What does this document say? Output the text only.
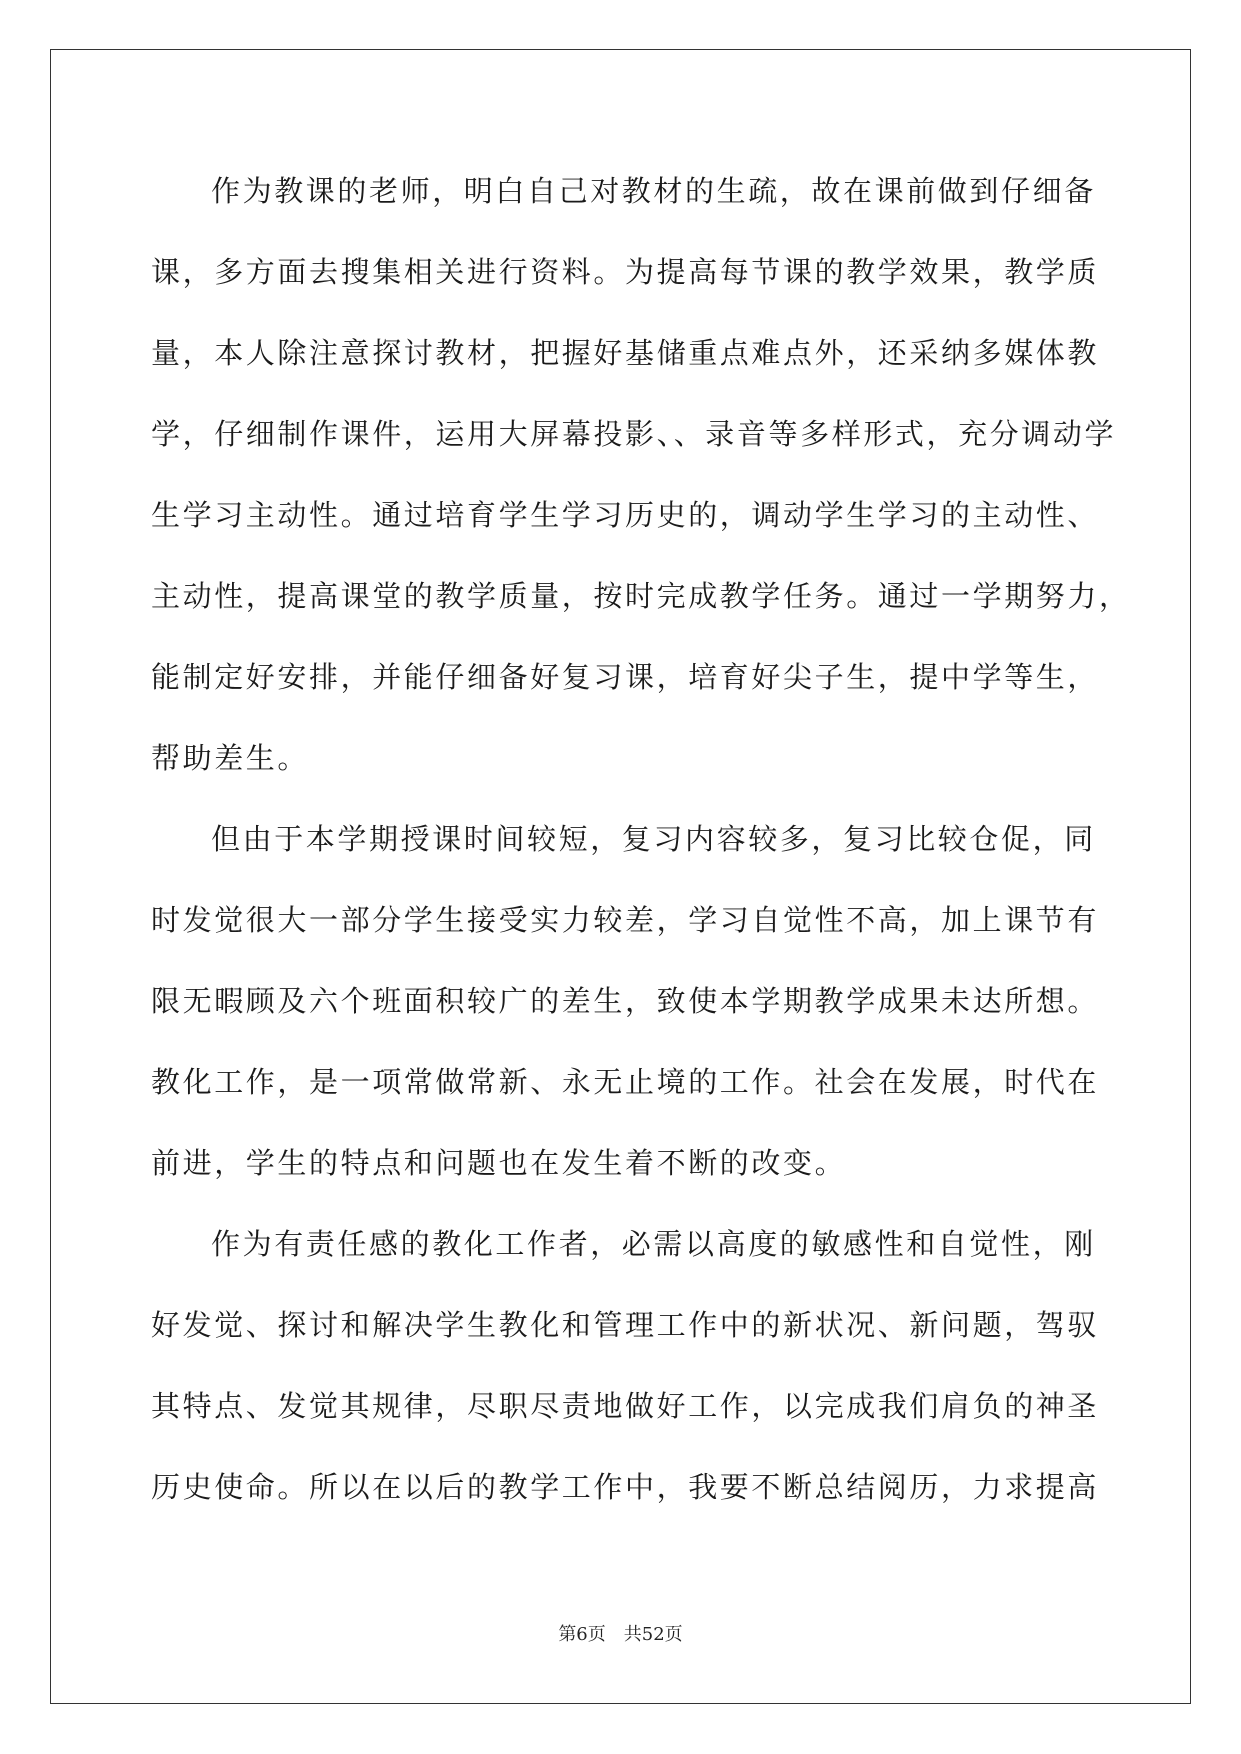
作为教课的老师，明白自己对教材的生疏，故在课前做到仔细备
课，多方面去搜集相关进行资料。为提高每节课的教学效果，教学质
量，本人除注意探讨教材，把握好基储重点难点外，还采纳多媒体教
学，仔细制作课件，运用大屏幕投影、、录音等多样形式，充分调动学
生学习主动性。通过培育学生学习历史的，调动学生学习的主动性、
主动性，提高课堂的教学质量，按时完成教学任务。通过一学期努力，
能制定好安排，并能仔细备好复习课，培育好尖子生，提中学等生，
帮助差生。
但由于本学期授课时间较短，复习内容较多，复习比较仓促，同
时发觉很大一部分学生接受实力较差，学习自觉性不高，加上课节有
限无暇顾及六个班面积较广的差生，致使本学期教学成果未达所想。
教化工作，是一项常做常新、永无止境的工作。社会在发展，时代在
前进，学生的特点和问题也在发生着不断的改变。
作为有责任感的教化工作者，必需以高度的敏感性和自觉性，刚
好发觉、探讨和解决学生教化和管理工作中的新状况、新问题，驾驭
其特点、发觉其规律，尽职尽责地做好工作，以完成我们肩负的神圣
历史使命。所以在以后的教学工作中，我要不断总结阅历，力求提高
第6页 共52页
